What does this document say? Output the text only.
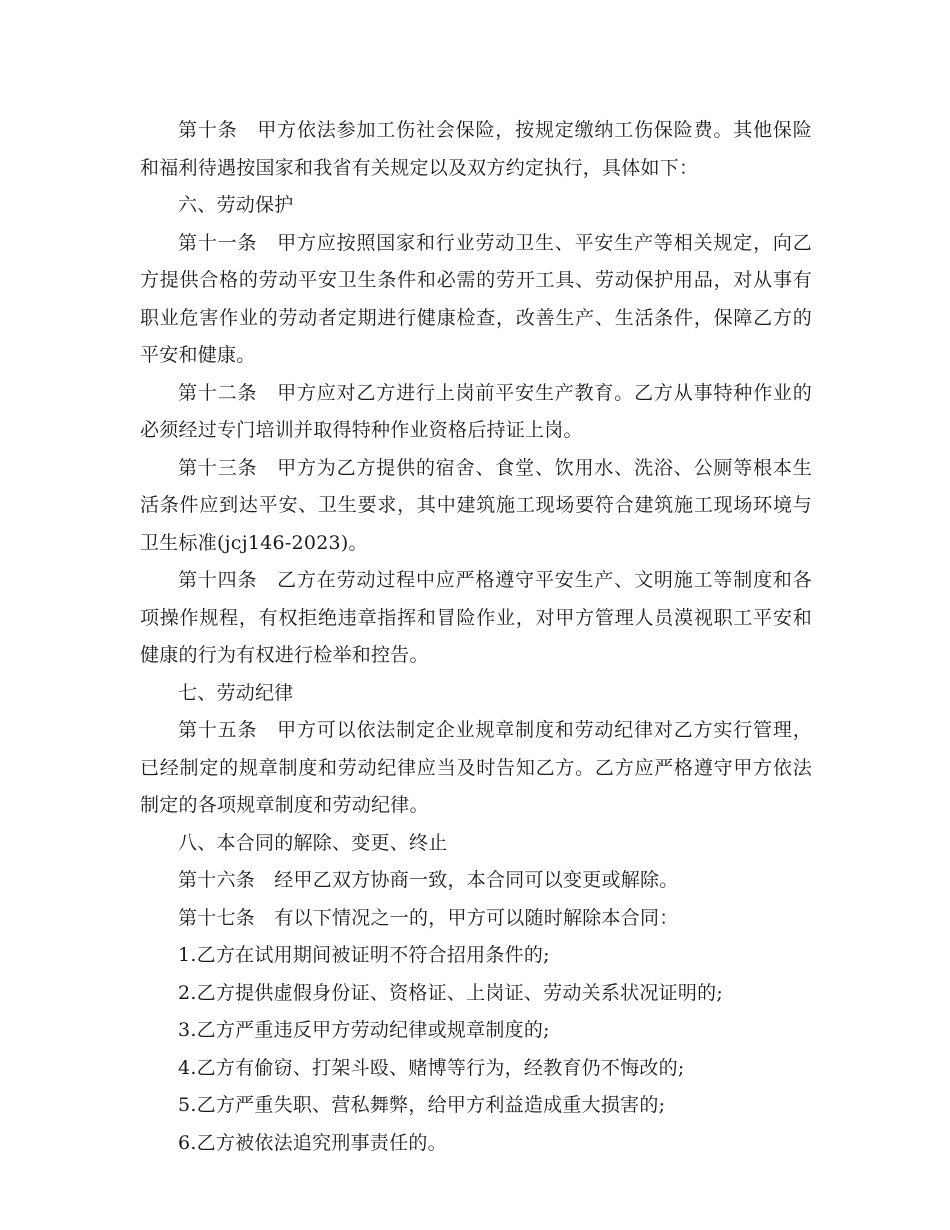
第十条　甲方依法参加工伤社会保险，按规定缴纳工伤保险费。其他保险和福利待遇按国家和我省有关规定以及双方约定执行，具体如下：

六、劳动保护

第十一条　甲方应按照国家和行业劳动卫生、平安生产等相关规定，向乙方提供合格的劳动平安卫生条件和必需的劳开工具、劳动保护用品，对从事有职业危害作业的劳动者定期进行健康检查，改善生产、生活条件，保障乙方的平安和健康。

第十二条　甲方应对乙方进行上岗前平安生产教育。乙方从事特种作业的必须经过专门培训并取得特种作业资格后持证上岗。

第十三条　甲方为乙方提供的宿舍、食堂、饮用水、洗浴、公厕等根本生活条件应到达平安、卫生要求，其中建筑施工现场要符合建筑施工现场环境与卫生标准(jcj146-2023)。

第十四条　乙方在劳动过程中应严格遵守平安生产、文明施工等制度和各项操作规程，有权拒绝违章指挥和冒险作业，对甲方管理人员漠视职工平安和健康的行为有权进行检举和控告。

七、劳动纪律

第十五条　甲方可以依法制定企业规章制度和劳动纪律对乙方实行管理，已经制定的规章制度和劳动纪律应当及时告知乙方。乙方应严格遵守甲方依法制定的各项规章制度和劳动纪律。

八、本合同的解除、变更、终止

第十六条　经甲乙双方协商一致，本合同可以变更或解除。

第十七条　有以下情况之一的，甲方可以随时解除本合同：

1.乙方在试用期间被证明不符合招用条件的;

2.乙方提供虚假身份证、资格证、上岗证、劳动关系状况证明的;

3.乙方严重违反甲方劳动纪律或规章制度的;

4.乙方有偷窃、打架斗殴、赌博等行为，经教育仍不悔改的;

5.乙方严重失职、营私舞弊，给甲方利益造成重大损害的;

6.乙方被依法追究刑事责任的。
